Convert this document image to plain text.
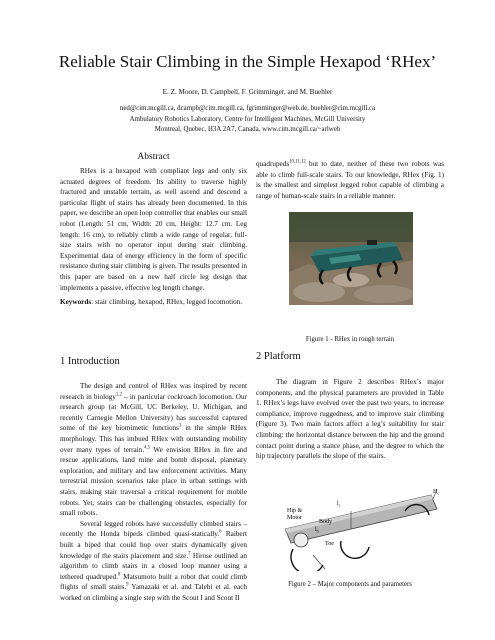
Reliable Stair Climbing in the Simple Hexapod ‘RHex’
E. Z. Moore, D. Campbell, F. Grimminger, and M. Buehler
ned@cim.mcgill.ca, dcampb@cim.mcgill.ca, fgrimminger@web.de, buehler@cim.mcgill.ca
Ambulatory Robotics Laboratory, Centre for Intelligent Machines, McGill University
Montreal, Quebec, H3A 2A7, Canada, www.cim.mcgill.ca/~arlweb
Abstract

RHex is a hexapod with compliant legs and only six actuated degrees of freedom. Its ability to traverse highly fractured and unstable terrain, as well ascend and descend a particular flight of stairs has already been documented. In this paper, we describe an open loop controller that enables our small robot (Length: 51 cm, Width: 20 cm, Height: 12.7 cm. Leg length: 16 cm), to reliably climb a wide range of regular, full-size stairs with no operator input during stair climbing. Experimental data of energy efficiency in the form of specific resistance during stair climbing is given. The results presented in this paper are based on a new half circle leg design that implements a passive, effective leg length change.

Keywords: stair climbing, hexapod, RHex, legged locomotion.
1 Introduction

The design and control of RHex was inspired by recent research in biology$^{1,2}$ – in particular cockroach locomotion. Our research group (at McGill, UC Berkeley, U. Michigan, and recently Carnegie Mellon University) has successful captured some of the key biomimetic functions$^3$ in the simple RHex morphology. This has imbued RHex with outstanding mobility over many types of terrain.$^{4,5}$ We envision RHex in fire and rescue applications, land mine and bomb disposal, planetary exploration, and military and law enforcement activities. Many terrestrial mission scenarios take place in urban settings with stairs, making stair traversal a critical requirement for mobile robots. Yet, stairs can be challenging obstacles, especially for small robots.

Several legged robots have successfully climbed stairs – recently the Honda bipeds climbed quasi-statically.$^6$ Raibert built a biped that could hop over stairs dynamically given knowledge of the stairs placement and size.$^7$ Hirose outlined an algorithm to climb stairs in a closed loop manner using a tethered quadruped.$^8$ Matsumoto built a robot that could climb flights of small stairs.$^9$ Yamazaki et al. and Talebi et al. each worked on climbing a single step with the Scout I and Scout II

quadrupeds$^{10,11,12}$ but to date, neither of these two robots was able to climb full-scale stairs. To our knowledge, RHex (Fig. 1) is the smallest and simplest legged robot capable of climbing a range of human-scale stairs in a reliable manner.
Figure 1 - RHex in rough terrain
2 Platform

The diagram in Figure 2 describes RHex’s major components, and the physical parameters are provided in Table 1. RHex’s legs have evolved over the past two years, to increase compliance, improve ruggedness, and to improve stair climbing (Figure 3). Two main factors affect a leg’s suitability for stair climbing: the horizontal distance between the hip and the ground contact point during a stance phase, and the degree to which the hip trajectory parallels the slope of the stairs.

Hip &
Motor
Body
$l_b$
Toe
$l_c$
$H_c$
Figure 2 – Major components and parameters
